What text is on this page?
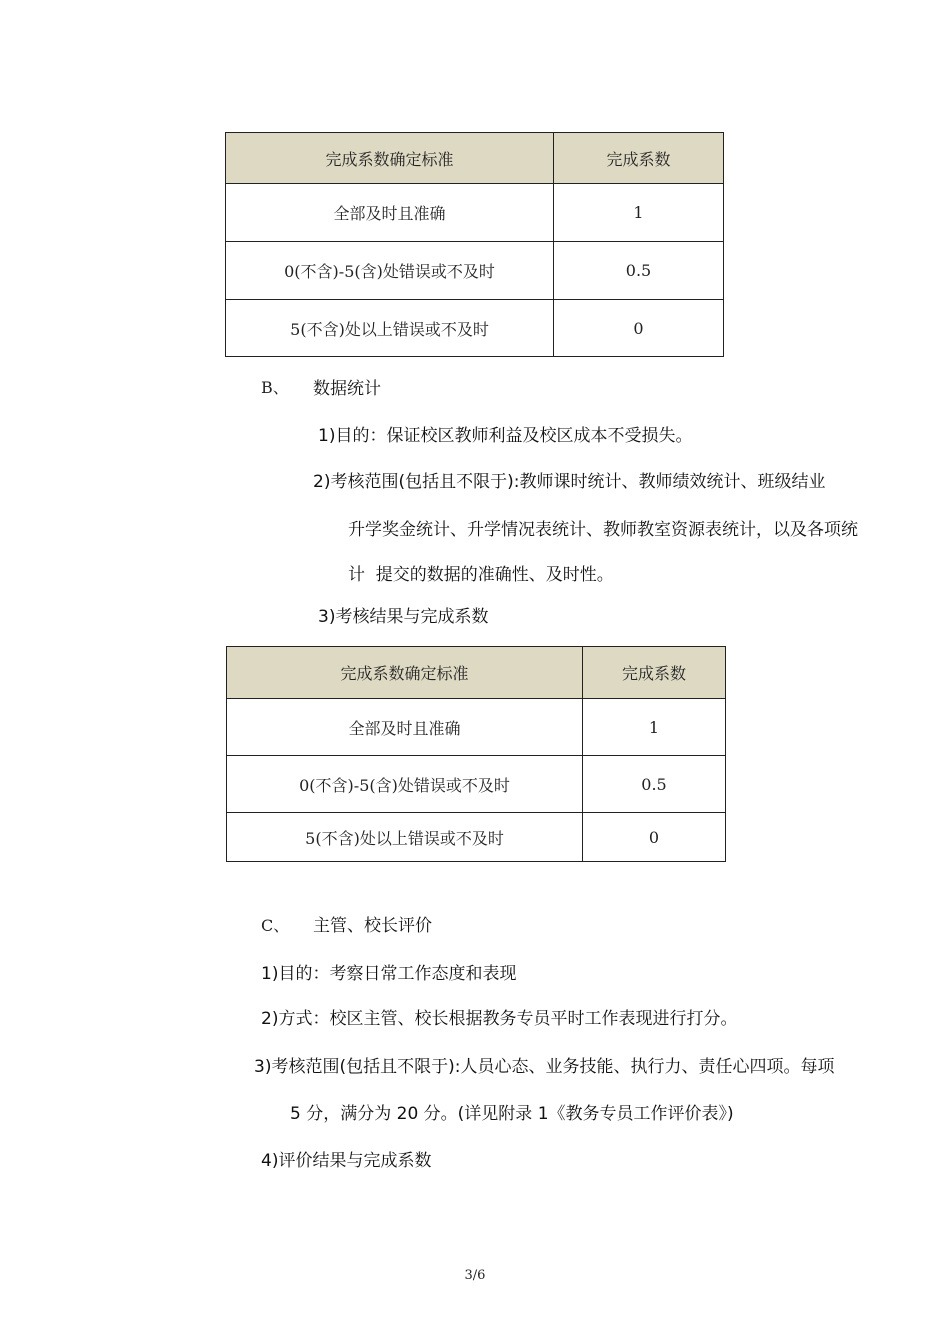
完成系数确定标准	完成系数
全部及时且准确	1
0(不含)-5(含)处错误或不及时	0.5
5(不含)处以上错误或不及时	0
B、 数据统计
1)目的：保证校区教师利益及校区成本不受损失。
2)考核范围(包括且不限于):教师课时统计、教师绩效统计、班级结业
升学奖金统计、升学情况表统计、教师教室资源表统计，以及各项统
计  提交的数据的准确性、及时性。
3)考核结果与完成系数
完成系数确定标准	完成系数
全部及时且准确	1
0(不含)-5(含)处错误或不及时	0.5
5(不含)处以上错误或不及时	0
C、 主管、校长评价
1)目的：考察日常工作态度和表现
2)方式：校区主管、校长根据教务专员平时工作表现进行打分。
3)考核范围(包括且不限于):人员心态、业务技能、执行力、责任心四项。每项
5 分，满分为 20 分。(详见附录 1《教务专员工作评价表》)
4)评价结果与完成系数
3/6
